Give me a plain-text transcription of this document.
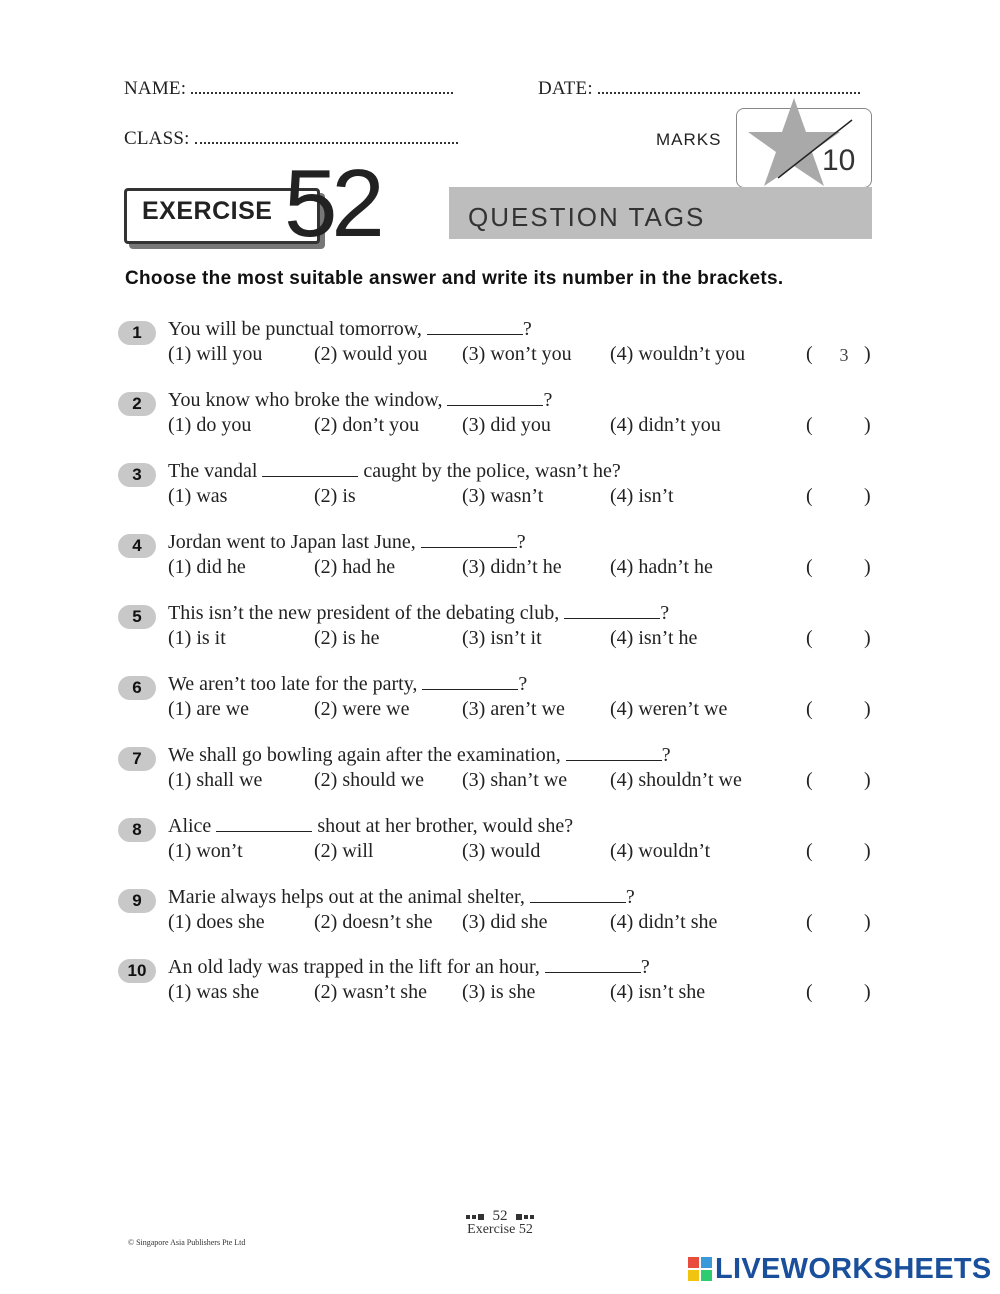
NAME:	DATE:
CLASS:	MARKS
10
EXERCISE 52	QUESTION TAGS
Choose the most suitable answer and write its number in the brackets.
1	You will be punctual tomorrow,	?
(1) will you	(2) would you (3) won’t you (4) wouldn’t you	(	3 )
2	You know who broke the window,	?
(1) do you	(2) don’t you (3) did you	(4) didn’t you	(	)
3	The vandal	caught by the police, wasn’t he?
(1) was	(2) is	(3) wasn’t	(4) isn’t	(	)
4	Jordan went to Japan last June,	?
(1) did he	(2) had he	(3) didn’t he (4) hadn’t he	(	)
5	This isn’t the new president of the debating club,	?
(1) is it	(2) is he	(3) isn’t it	(4) isn’t he	(	)
6	We aren’t too late for the party,	?
(1) are we	(2) were we	(3) aren’t we (4) weren’t we	(	)
7	We shall go bowling again after the examination,	?
(1) shall we	(2) should we (3) shan’t we (4) shouldn’t we	(	)
8	Alice	shout at her brother, would she?
(1) won’t	(2) will	(3) would	(4) wouldn’t	(	)
9	Marie always helps out at the animal shelter,	?
(1) does she (2) doesn’t she (3) did she	(4) didn’t she	(	)
10	An old lady was trapped in the lift for an hour,	?
(1) was she	(2) wasn’t she (3) is she	(4) isn’t she	(	)
52
Exercise 52
© Singapore Asia Publishers Pte Ltd
LIVEWORKSHEETS
